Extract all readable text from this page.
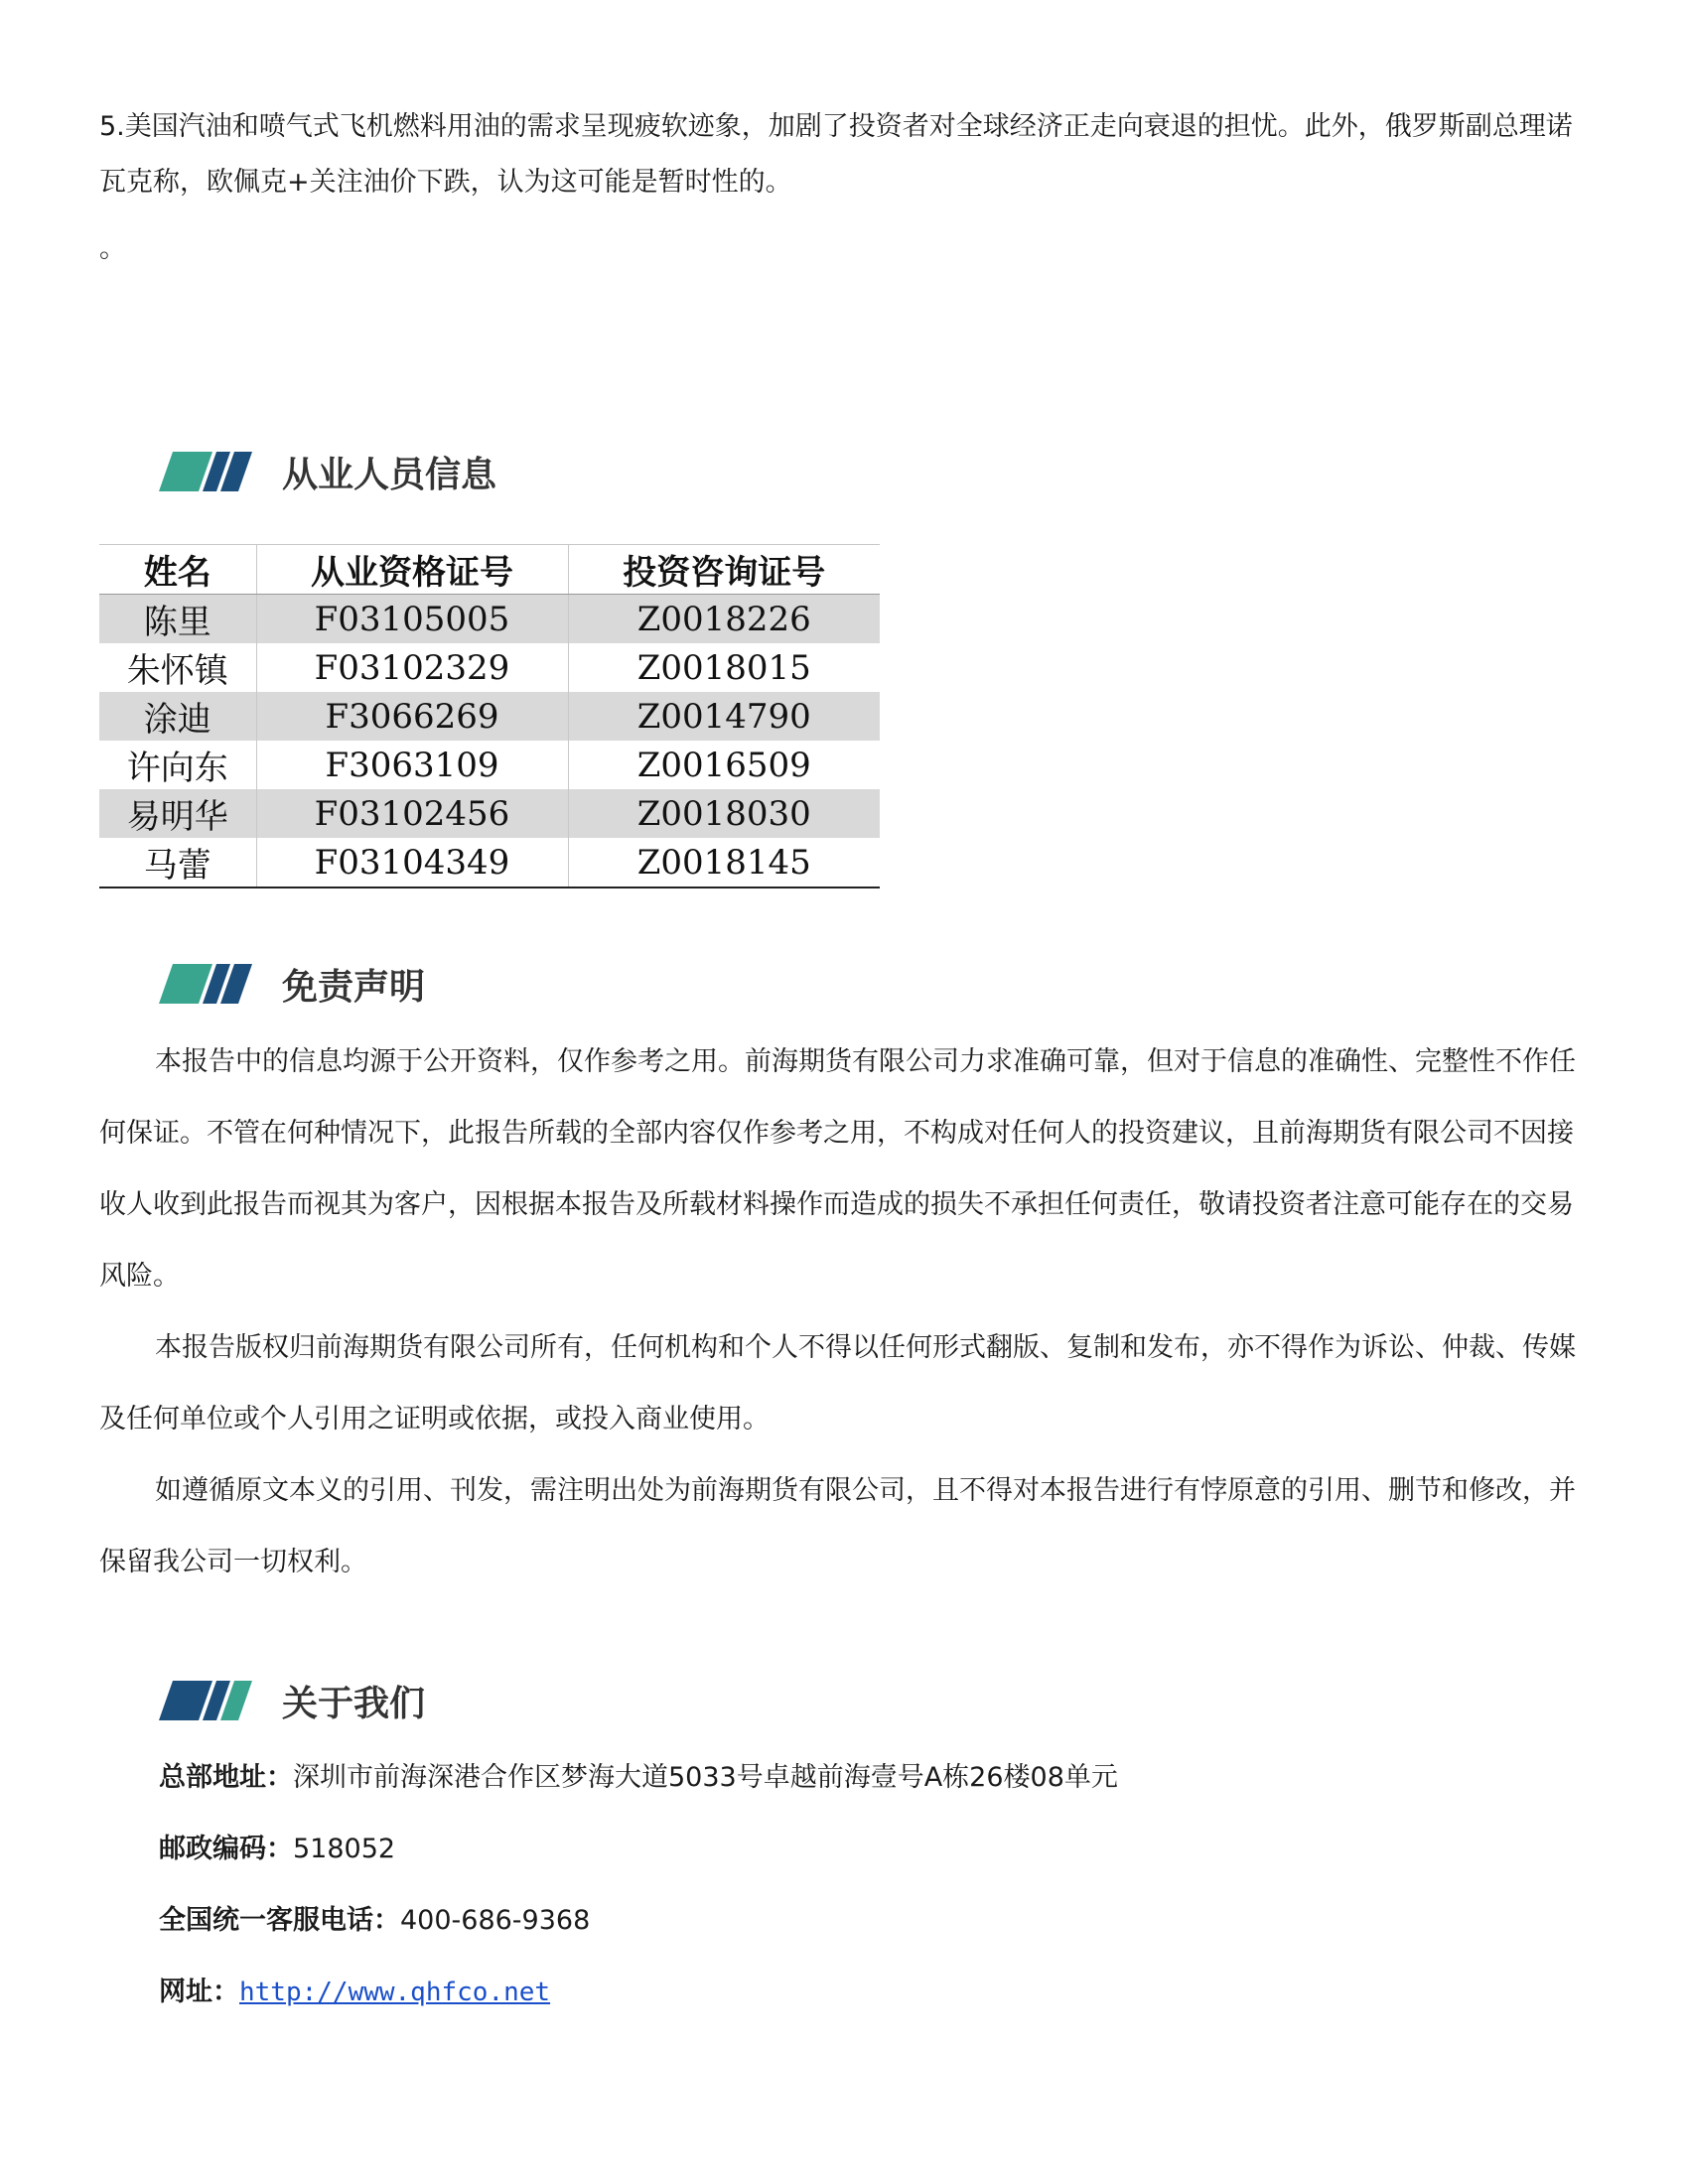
5.美国汽油和喷气式飞机燃料用油的需求呈现疲软迹象，加剧了投资者对全球经济正走向衰退的担忧。此外，俄罗斯副总理诺瓦克称，欧佩克+关注油价下跌，认为这可能是暂时性的。

。
从业人员信息
姓名	从业资格证号	投资咨询证号
陈里	F03105005	Z0018226
朱怀镇	F03102329	Z0018015
涂迪	F3066269	Z0014790
许向东	F3063109	Z0016509
易明华	F03102456	Z0018030
马蕾	F03104349	Z0018145
免责声明

本报告中的信息均源于公开资料，仅作参考之用。前海期货有限公司力求准确可靠，但对于信息的准确性、完整性不作任何保证。不管在何种情况下，此报告所载的全部内容仅作参考之用，不构成对任何人的投资建议，且前海期货有限公司不因接收人收到此报告而视其为客户，因根据本报告及所载材料操作而造成的损失不承担任何责任，敬请投资者注意可能存在的交易风险。

本报告版权归前海期货有限公司所有，任何机构和个人不得以任何形式翻版、复制和发布，亦不得作为诉讼、仲裁、传媒及任何单位或个人引用之证明或依据，或投入商业使用。

如遵循原文本义的引用、刊发，需注明出处为前海期货有限公司，且不得对本报告进行有悖原意的引用、删节和修改，并保留我公司一切权利。

关于我们
总部地址：深圳市前海深港合作区梦海大道5033号卓越前海壹号A栋26楼08单元
邮政编码：518052
全国统一客服电话：400-686-9368
网址：http://www.qhfco.net
